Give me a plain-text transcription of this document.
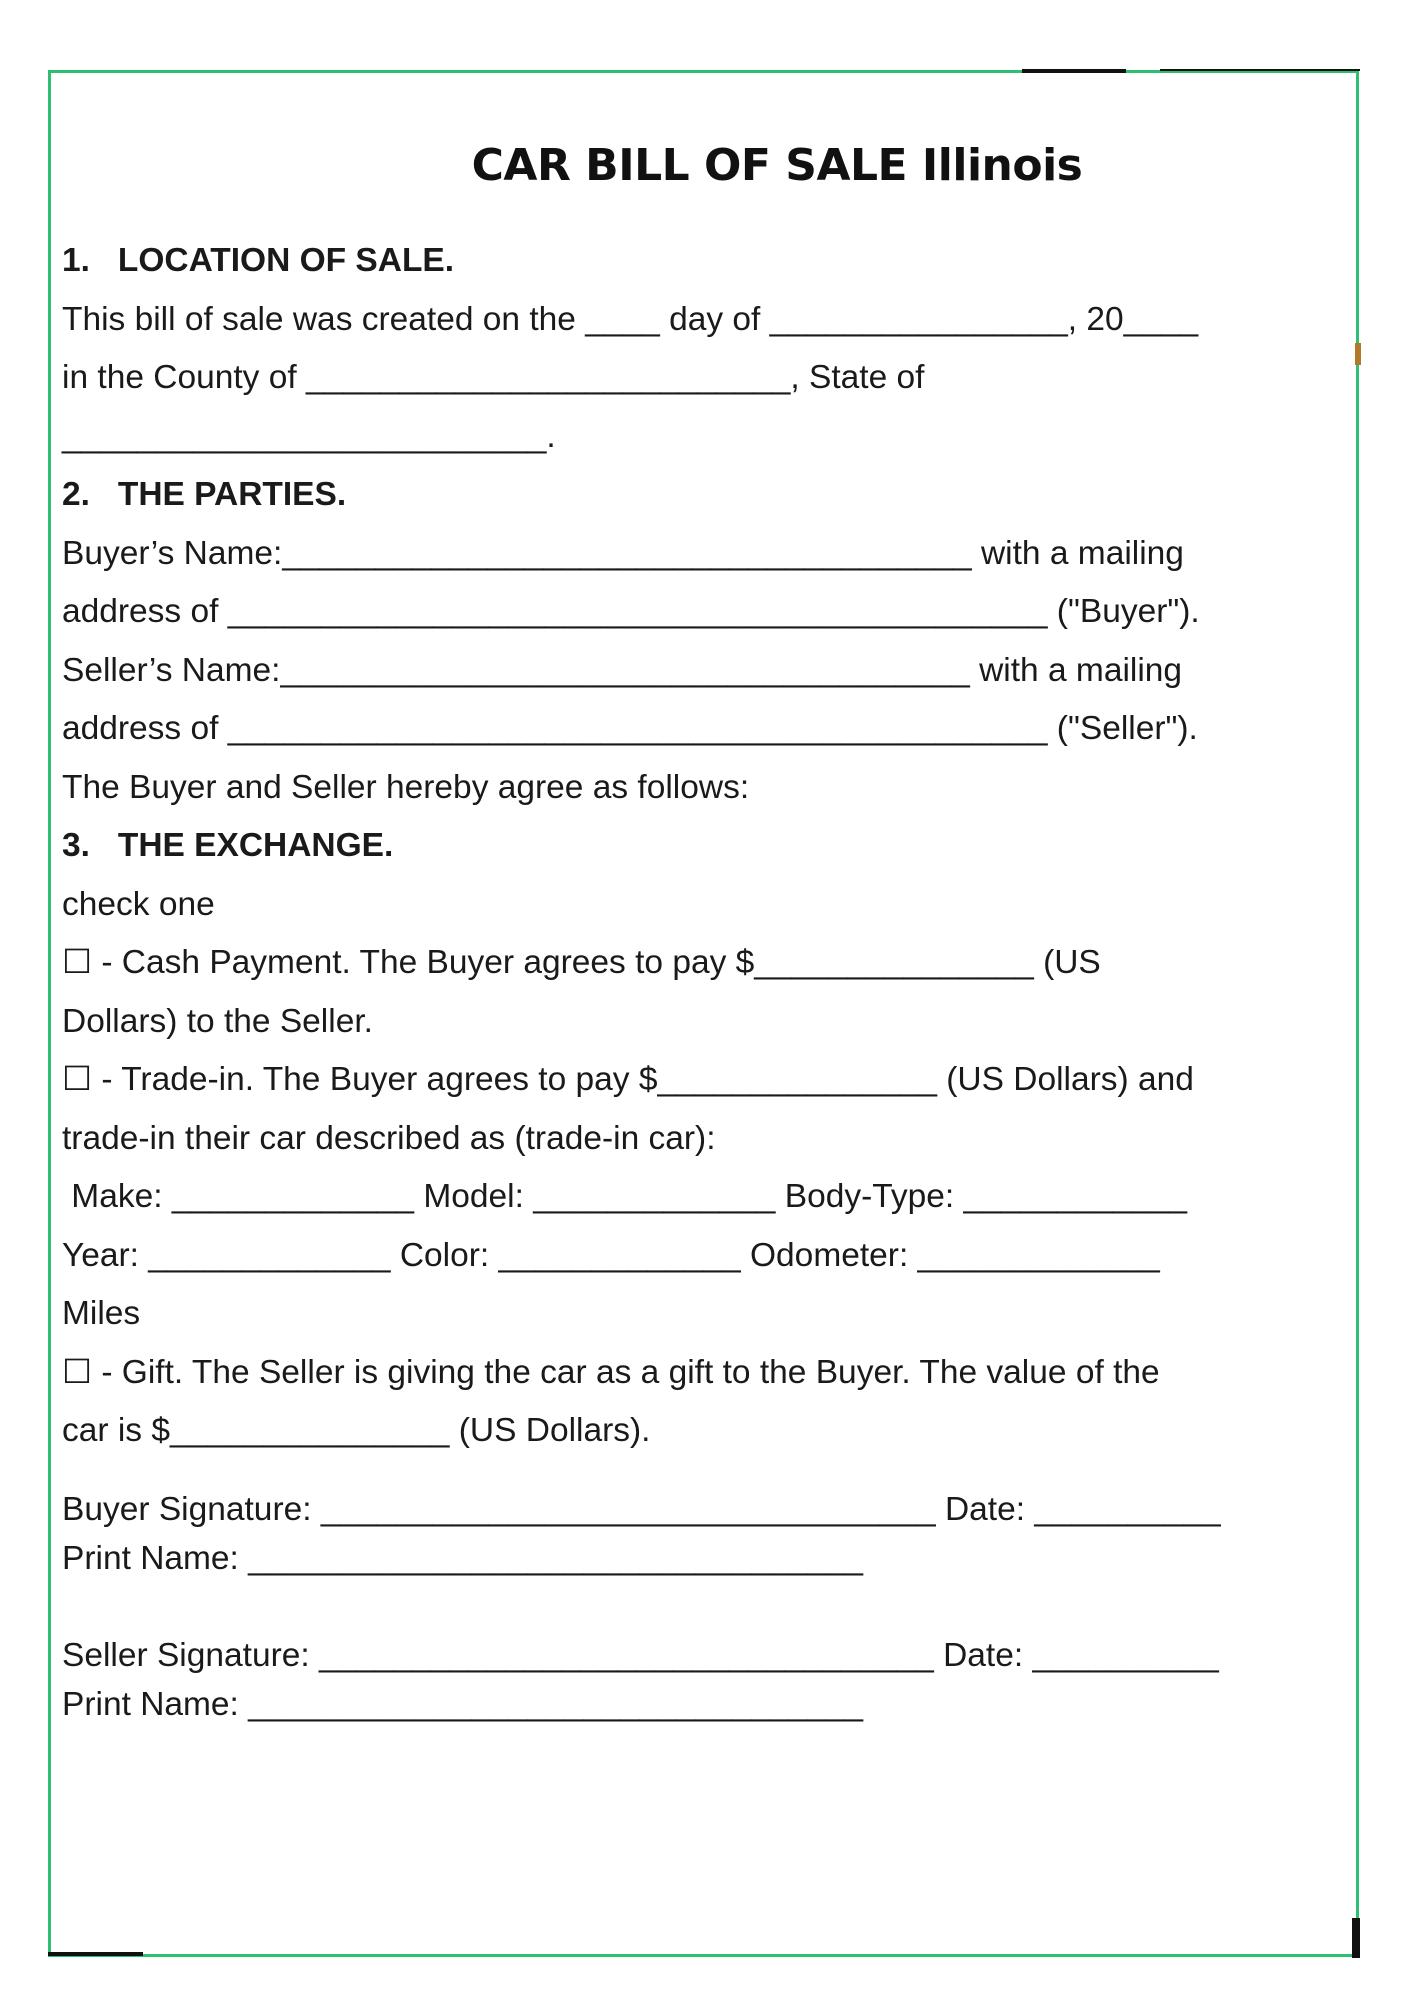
CAR BILL OF SALE Illinois
1.   LOCATION OF SALE.
This bill of sale was created on the ____ day of ________________, 20____
in the County of __________________________, State of
__________________________.
2.   THE PARTIES.
Buyer’s Name:_____________________________________ with a mailing
address of ____________________________________________ ("Buyer").
Seller’s Name:_____________________________________ with a mailing
address of ____________________________________________ ("Seller").
The Buyer and Seller hereby agree as follows:
3.   THE EXCHANGE.
check one
☐ - Cash Payment. The Buyer agrees to pay $_______________ (US
Dollars) to the Seller.
☐ - Trade-in. The Buyer agrees to pay $_______________ (US Dollars) and
trade-in their car described as (trade-in car):
Make: _____________ Model: _____________ Body-Type: ____________
Year: _____________ Color: _____________ Odometer: _____________
Miles
☐ - Gift. The Seller is giving the car as a gift to the Buyer. The value of the
car is $_______________ (US Dollars).
Buyer Signature: _________________________________ Date: __________
Print Name: _________________________________
Seller Signature: _________________________________ Date: __________
Print Name: _________________________________
